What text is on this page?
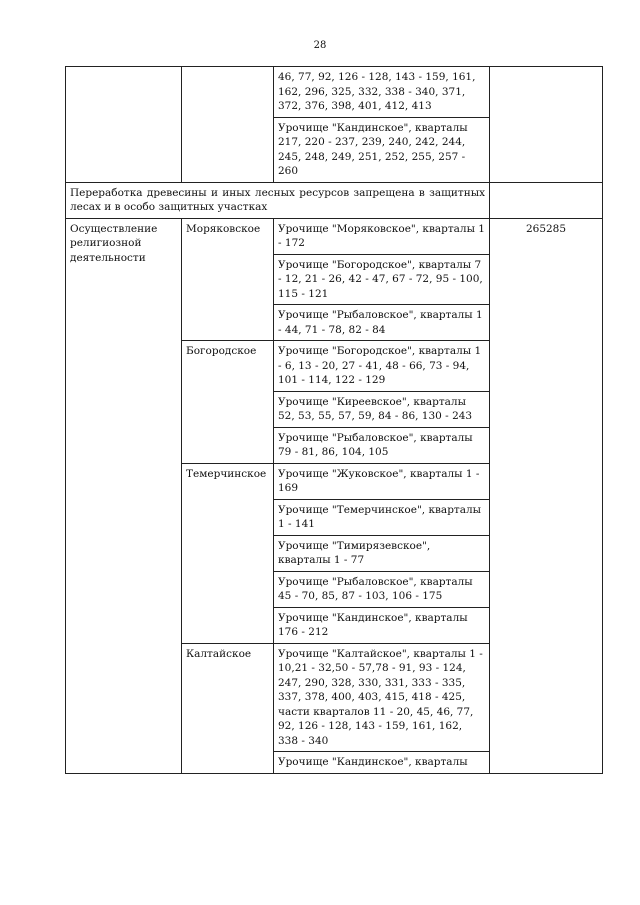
28
		46, 77, 92, 126 - 128, 143 - 159, 161, 162, 296, 325, 332, 338 - 340, 371, 372, 376, 398, 401, 412, 413	
		Урочище "Кандинское", кварталы 217, 220 - 237, 239, 240, 242, 244, 245, 248, 249, 251, 252, 255, 257 - 260	
Переработка древесины и иных лесных ресурсов запрещена в защитных лесах и в особо защитных участках			
Осуществление религиозной деятельности	Моряковское	Урочище "Моряковское", кварталы 1 - 172	265285
		Урочище "Богородское", кварталы 7 - 12, 21 - 26, 42 - 47, 67 - 72, 95 - 100, 115 - 121	
		Урочище "Рыбаловское", кварталы 1 - 44, 71 - 78, 82 - 84	
	Богородское	Урочище "Богородское", кварталы 1 - 6, 13 - 20, 27 - 41, 48 - 66, 73 - 94, 101 - 114, 122 - 129	
		Урочище "Киреевское", кварталы 52, 53, 55, 57, 59, 84 - 86, 130 - 243	
		Урочище "Рыбаловское", кварталы 79 - 81, 86, 104, 105	
	Темерчинское	Урочище "Жуковское", кварталы 1 - 169	
		Урочище "Темерчинское", кварталы 1 - 141	
		Урочище "Тимирязевское", кварталы 1 - 77	
		Урочище "Рыбаловское", кварталы 45 - 70, 85, 87 - 103, 106 - 175	
		Урочище "Кандинское", кварталы 176 - 212	
	Калтайское	Урочище "Калтайское", кварталы 1 - 10,21 - 32,50 - 57,78 - 91, 93 - 124, 247, 290, 328, 330, 331, 333 - 335, 337, 378, 400, 403, 415, 418 - 425, части кварталов 11 - 20, 45, 46, 77, 92, 126 - 128, 143 - 159, 161, 162, 338 - 340	
		Урочище "Кандинское", кварталы	
